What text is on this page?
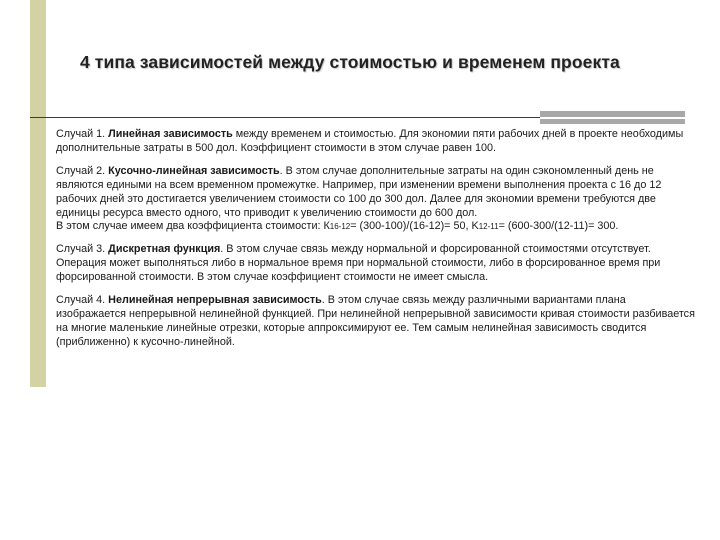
4 типа зависимостей между стоимостью и временем проекта

Случай 1. Линейная зависимость между временем и стоимостью. Для экономии пяти рабочих дней в проекте необходимы дополнительные затраты в 500 дол. Коэффициент стоимости в этом случае равен 100.

Случай 2. Кусочно-линейная зависимость. В этом случае дополнительные затраты на один сэкономленный день не являются едиными на всем временном промежутке. Например, при изменении времени выполнения проекта с 16 до 12 рабочих дней это достигается увеличением стоимости со 100 до 300 дол. Далее для экономии времени требуются две единицы ресурса вместо одного, что приводит к увеличению стоимости до 600 дол.
В этом случае имеем два коэффициента стоимости: К16-12= (300-100)/(16-12)= 50, K12-11= (600-300/(12-11)= 300.

Случай 3. Дискретная функция. В этом случае связь между нормальной и форсированной стоимостями отсутствует. Операция может выполняться либо в нормальное время при нормальной стоимости, либо в форсированное время при форсированной стоимости. В этом случае коэффициент стоимости не имеет смысла.

Случай 4. Нелинейная непрерывная зависимость. В этом случае связь между различными вариантами плана изображается непрерывной нелинейной функцией. При нелинейной непрерывной зависимости кривая стоимости разбивается на многие маленькие линейные отрезки, которые аппроксимируют ее. Тем самым нелинейная зависимость сводится (приближенно) к кусочно-линейной.
